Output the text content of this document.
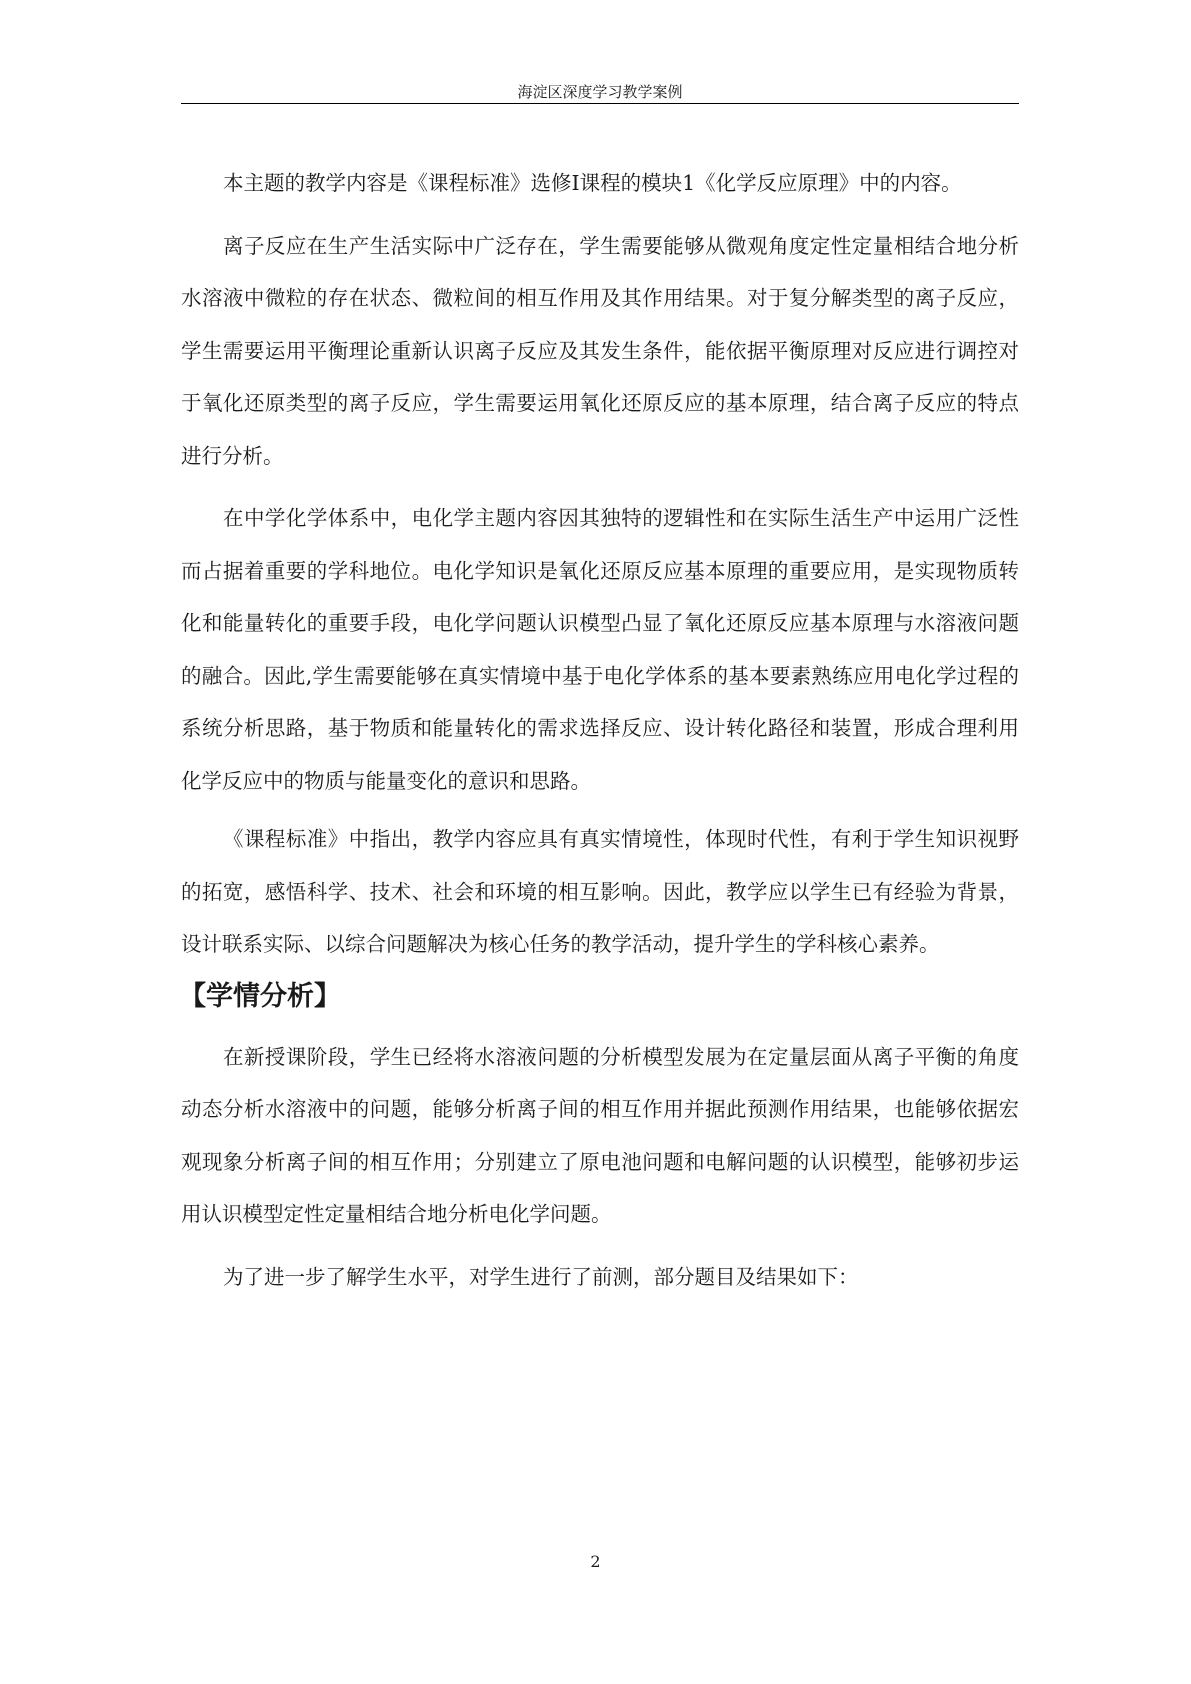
海淀区深度学习教学案例

本主题的教学内容是《课程标准》选修Ⅰ课程的模块1《化学反应原理》中的内容。

离子反应在生产生活实际中广泛存在，学生需要能够从微观角度定性定量相结合地分析水溶液中微粒的存在状态、微粒间的相互作用及其作用结果。对于复分解类型的离子反应，学生需要运用平衡理论重新认识离子反应及其发生条件，能依据平衡原理对反应进行调控对于氧化还原类型的离子反应，学生需要运用氧化还原反应的基本原理，结合离子反应的特点进行分析。

在中学化学体系中，电化学主题内容因其独特的逻辑性和在实际生活生产中运用广泛性而占据着重要的学科地位。电化学知识是氧化还原反应基本原理的重要应用，是实现物质转化和能量转化的重要手段，电化学问题认识模型凸显了氧化还原反应基本原理与水溶液问题的融合。因此,学生需要能够在真实情境中基于电化学体系的基本要素熟练应用电化学过程的系统分析思路，基于物质和能量转化的需求选择反应、设计转化路径和装置，形成合理利用化学反应中的物质与能量变化的意识和思路。

《课程标准》中指出，教学内容应具有真实情境性，体现时代性，有利于学生知识视野的拓宽，感悟科学、技术、社会和环境的相互影响。因此，教学应以学生已有经验为背景，设计联系实际、以综合问题解决为核心任务的教学活动，提升学生的学科核心素养。

【学情分析】

在新授课阶段，学生已经将水溶液问题的分析模型发展为在定量层面从离子平衡的角度动态分析水溶液中的问题，能够分析离子间的相互作用并据此预测作用结果，也能够依据宏观现象分析离子间的相互作用；分别建立了原电池问题和电解问题的认识模型，能够初步运用认识模型定性定量相结合地分析电化学问题。

为了进一步了解学生水平，对学生进行了前测，部分题目及结果如下：

2
